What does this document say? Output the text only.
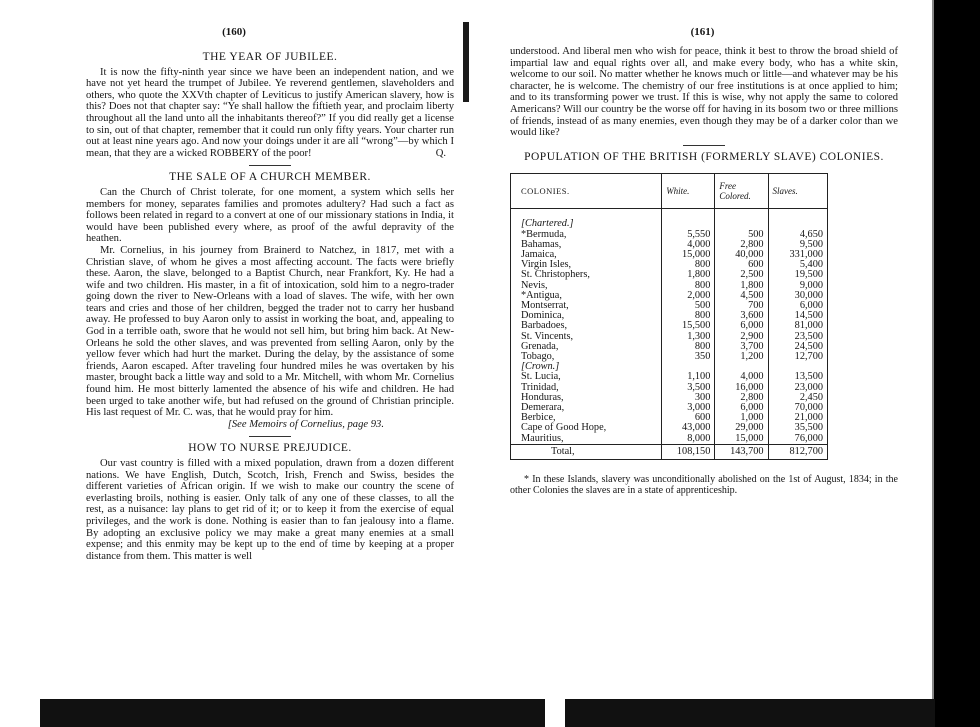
(160)
THE YEAR OF JUBILEE.

It is now the fifty-ninth year since we have been an independent nation, and we have not yet heard the trumpet of Jubilee. Ye reverend gentlemen, slaveholders and others, who quote the XXVth chapter of Leviticus to justify American slavery, how is this? Does not that chapter say: “Ye shall hallow the fiftieth year, and proclaim liberty throughout all the land unto all the inhabitants thereof?” If you did really get a license to sin, out of that chapter, remember that it could run only fifty years. Your charter run out at least nine years ago. And now your doings under it are all “wrong”—by which I mean, that they are a wicked ROBBERY of the poor!	Q.

THE SALE OF A CHURCH MEMBER.

Can the Church of Christ tolerate, for one moment, a system which sells her members for money, separates families and promotes adultery? Had such a fact as follows been related in regard to a convert at one of our missionary stations in India, it would have been published every where, as proof of the awful depravity of the heathen.

Mr. Cornelius, in his journey from Brainerd to Natchez, in 1817, met with a Christian slave, of whom he gives a most affecting account. The facts were briefly these. Aaron, the slave, belonged to a Baptist Church, near Frankfort, Ky. He had a wife and two children. His master, in a fit of intoxication, sold him to a negro-trader going down the river to New-Orleans with a load of slaves. The wife, with her own tears and cries and those of her children, begged the trader not to carry her husband away. He professed to buy Aaron only to assist in working the boat, and, appealing to God in a terrible oath, swore that he would not sell him, but bring him back. At New-Orleans he sold the other slaves, and was prevented from selling Aaron, only by the yellow fever which had hurt the market. During the delay, by the assistance of some friends, Aaron escaped. After traveling four hundred miles he was overtaken by his master, brought back a little way and sold to a Mr. Mitchell, with whom Mr. Cornelius found him. He most bitterly lamented the absence of his wife and children. He had been urged to take another wife, but had refused on the ground of Christian principle. His last request of Mr. C. was, that he would pray for him.

[See Memoirs of Cornelius, page 93.

HOW TO NURSE PREJUDICE.

Our vast country is filled with a mixed population, drawn from a dozen different nations. We have English, Dutch, Scotch, Irish, French and Swiss, besides the different varieties of African origin. If we wish to make our country the scene of everlasting broils, nothing is easier. Only talk of any one of these classes, to all the rest, as a nuisance: lay plans to get rid of it; or to keep it from the exercise of equal privileges, and the work is done. Nothing is easier than to fan jealousy into a flame. By adopting an exclusive policy we may make a great many enemies at a small expense; and this enmity may be kept up to the end of time by keeping at a proper distance from them. This matter is well

(161)

understood. And liberal men who wish for peace, think it best to throw the broad shield of impartial law and equal rights over all, and make every body, who has a white skin, welcome to our soil. No matter whether he knows much or little—and whatever may be his character, he is welcome. The chemistry of our free institutions is at once applied to him; and to its transforming power we trust. If this is wise, why not apply the same to colored Americans? Will our country be the worse off for having in its bosom two or three millions of friends, instead of as many enemies, even though they may be of a darker color than we would like?

POPULATION OF THE BRITISH (FORMERLY SLAVE) COLONIES.
COLONIES.	White.	Free Colored.	Slaves.

[Chartered.]			
*Bermuda,	5,550	500	4,650
Bahamas,	4,000	2,800	9,500
Jamaica,	15,000	40,000	331,000
Virgin Isles,	800	600	5,400
St. Christophers,	1,800	2,500	19,500
Nevis,	800	1,800	9,000
*Antigua,	2,000	4,500	30,000
Montserrat,	500	700	6,000
Dominica,	800	3,600	14,500
Barbadoes,	15,500	6,000	81,000
St. Vincents,	1,300	2,900	23,500
Grenada,	800	3,700	24,500
Tobago,	350	1,200	12,700
[Crown.]			
St. Lucia,	1,100	4,000	13,500
Trinidad,	3,500	16,000	23,000
Honduras,	300	2,800	2,450
Demerara,	3,000	6,000	70,000
Berbice,	600	1,000	21,000
Cape of Good Hope,	43,000	29,000	35,500
Mauritius,	8,000	15,000	76,000
Total,	108,150	143,700	812,700

* In these Islands, slavery was unconditionally abolished on the 1st of August, 1834; in the other Colonies the slaves are in a state of apprenticeship.
